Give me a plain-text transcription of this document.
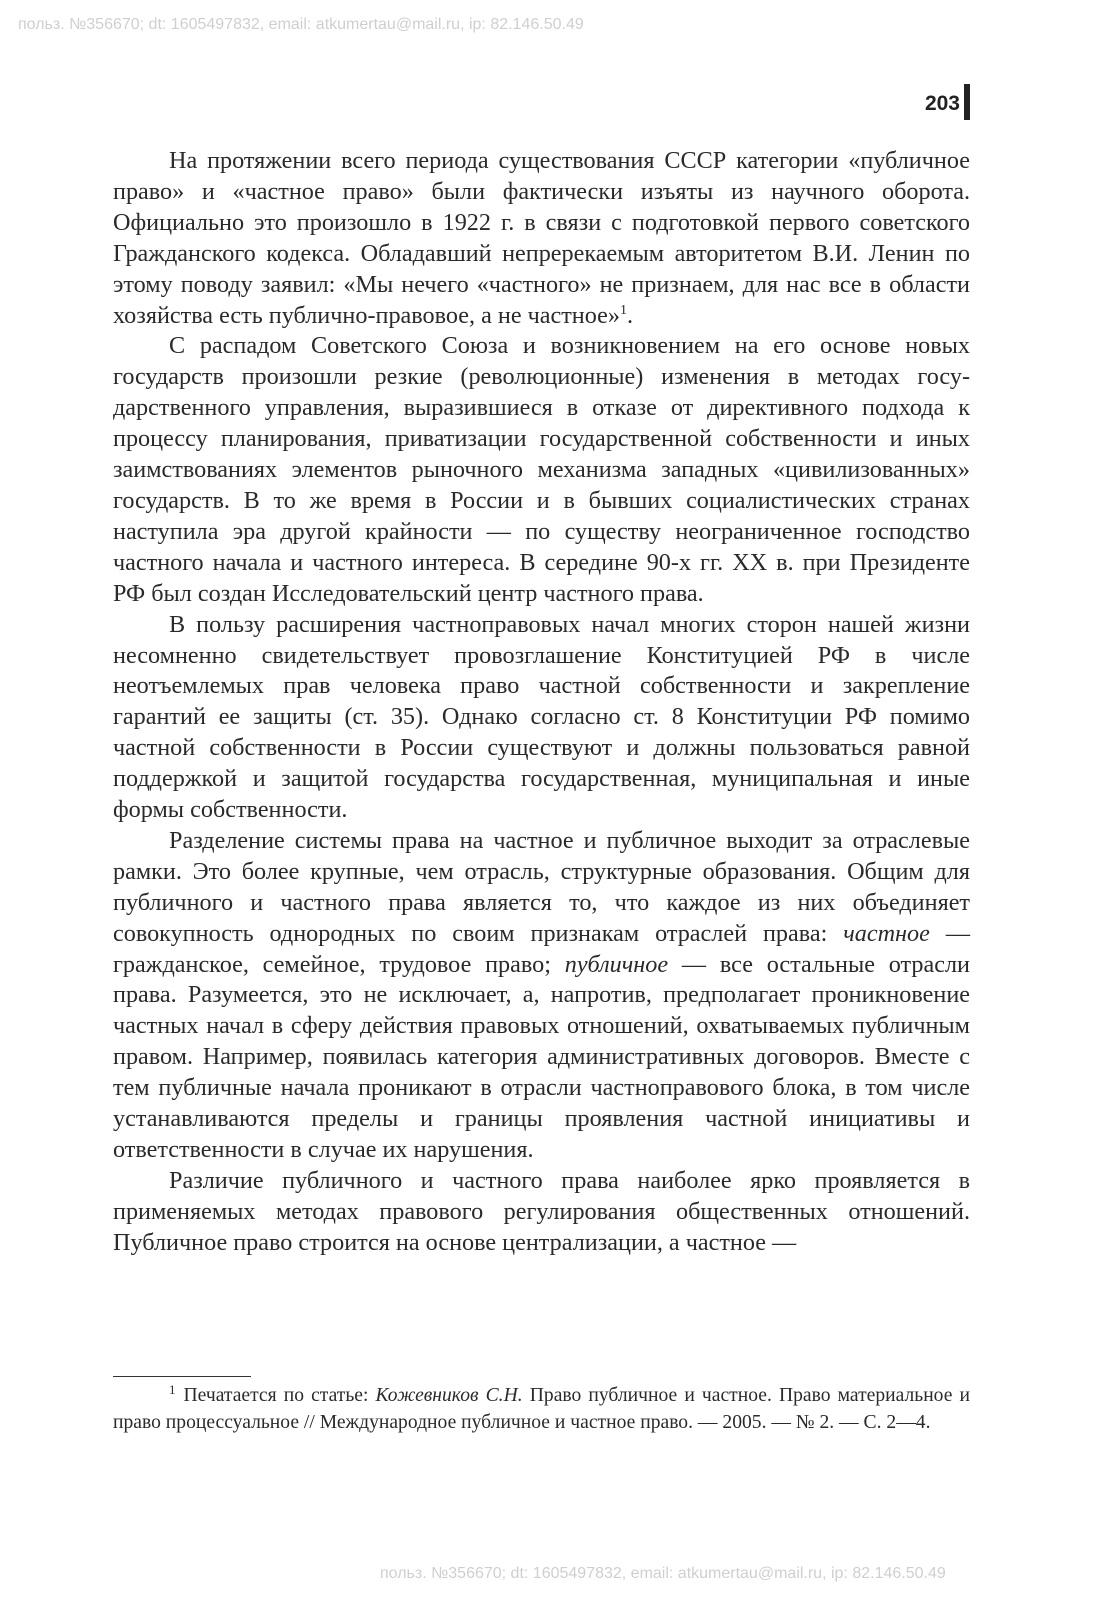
польз. №356670; dt: 1605497832, email: atkumertau@mail.ru, ip: 82.146.50.49
203

На протяжении всего периода существования СССР категории «публичное право» и «частное право» были фактически изъяты из научного оборота. Официально это произошло в 1922 г. в связи с подготовкой первого советского Гражданского кодекса. Обладавший непререкаемым авторитетом В.И. Ленин по этому поводу заявил: «Мы нечего «частного» не признаем, для нас все в области хозяйства есть публично-правовое, а не частное»$^1$.

С распадом Советского Союза и возникновением на его основе новых государств произошли резкие (революционные) изменения в методах государственного управления, выразившиеся в отказе от директивного подхода к процессу планирования, приватизации государственной собственности и иных заимствованиях элементов рыночного механизма западных «цивилизованных» государств. В то же время в России и в бывших социалистических странах наступила эра другой крайности — по существу неограниченное господство частного начала и частного интереса. В середине 90-х гг. XX в. при Президенте РФ был создан Исследовательский центр частного права.

В пользу расширения частноправовых начал многих сторон нашей жизни несомненно свидетельствует провозглашение Конституцией РФ в числе неотъемлемых прав человека право частной собственности и закрепление гарантий ее защиты (ст. 35). Однако согласно ст. 8 Конституции РФ помимо частной собственности в России существуют и должны пользоваться равной поддержкой и защитой государства государственная, муниципальная и иные формы собственности.

Разделение системы права на частное и публичное выходит за отраслевые рамки. Это более крупные, чем отрасль, структурные образования. Общим для публичного и частного права является то, что каждое из них объединяет совокупность однородных по своим признакам отраслей права: частное — гражданское, семейное, трудовое право; публичное — все остальные отрасли права. Разумеется, это не исключает, а, напротив, предполагает проникновение частных начал в сферу действия правовых отношений, охватываемых публичным правом. Например, появилась категория административных договоров. Вместе с тем публичные начала проникают в отрасли частноправового блока, в том числе устанавливаются пределы и границы проявления частной инициативы и ответственности в случае их нарушения.

Различие публичного и частного права наиболее ярко проявляется в применяемых методах правового регулирования общественных отношений. Публичное право строится на основе централизации, а частное —

$^1$ Печатается по статье: Кожевников С.Н. Право публичное и частное. Право материальное и право процессуальное // Международное публичное и частное право. — 2005. — № 2. — С. 2—4.

польз. №356670; dt: 1605497832, email: atkumertau@mail.ru, ip: 82.146.50.49
